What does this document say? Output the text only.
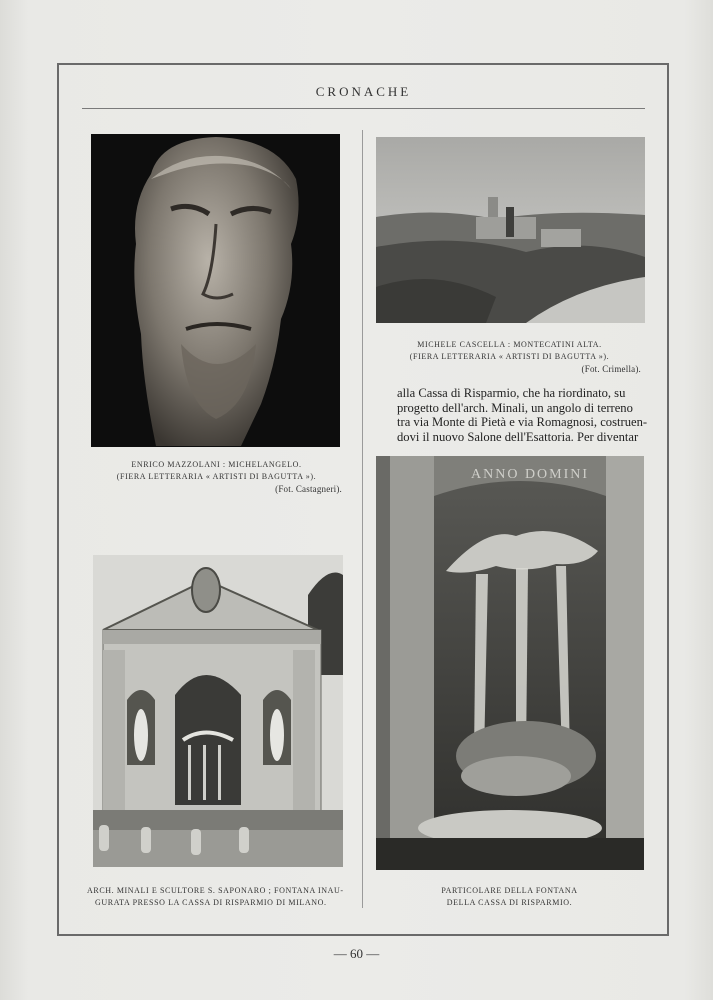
CRONACHE
ENRICO MAZZOLANI : MICHELANGELO.
(FIERA LETTERARIA « ARTISTI DI BAGUTTA »).
(Fot. Castagneri).
MICHELE CASCELLA : MONTECATINI ALTA.
(FIERA LETTERARIA « ARTISTI DI BAGUTTA »).
(Fot. Crimella).
alla Cassa di Risparmio, che ha riordinato, su
progetto dell'arch. Minali, un angolo di terreno
tra via Monte di Pietà e via Romagnosi, costruen-
dovi il nuovo Salone dell'Esattoria. Per diventar
ARCH. MINALI E SCULTORE S. SAPONARO ; FONTANA INAU-
GURATA PRESSO LA CASSA DI RISPARMIO DI MILANO.
ANNO DOMINI
PARTICOLARE DELLA FONTANA
DELLA CASSA DI RISPARMIO.
— 60 —
